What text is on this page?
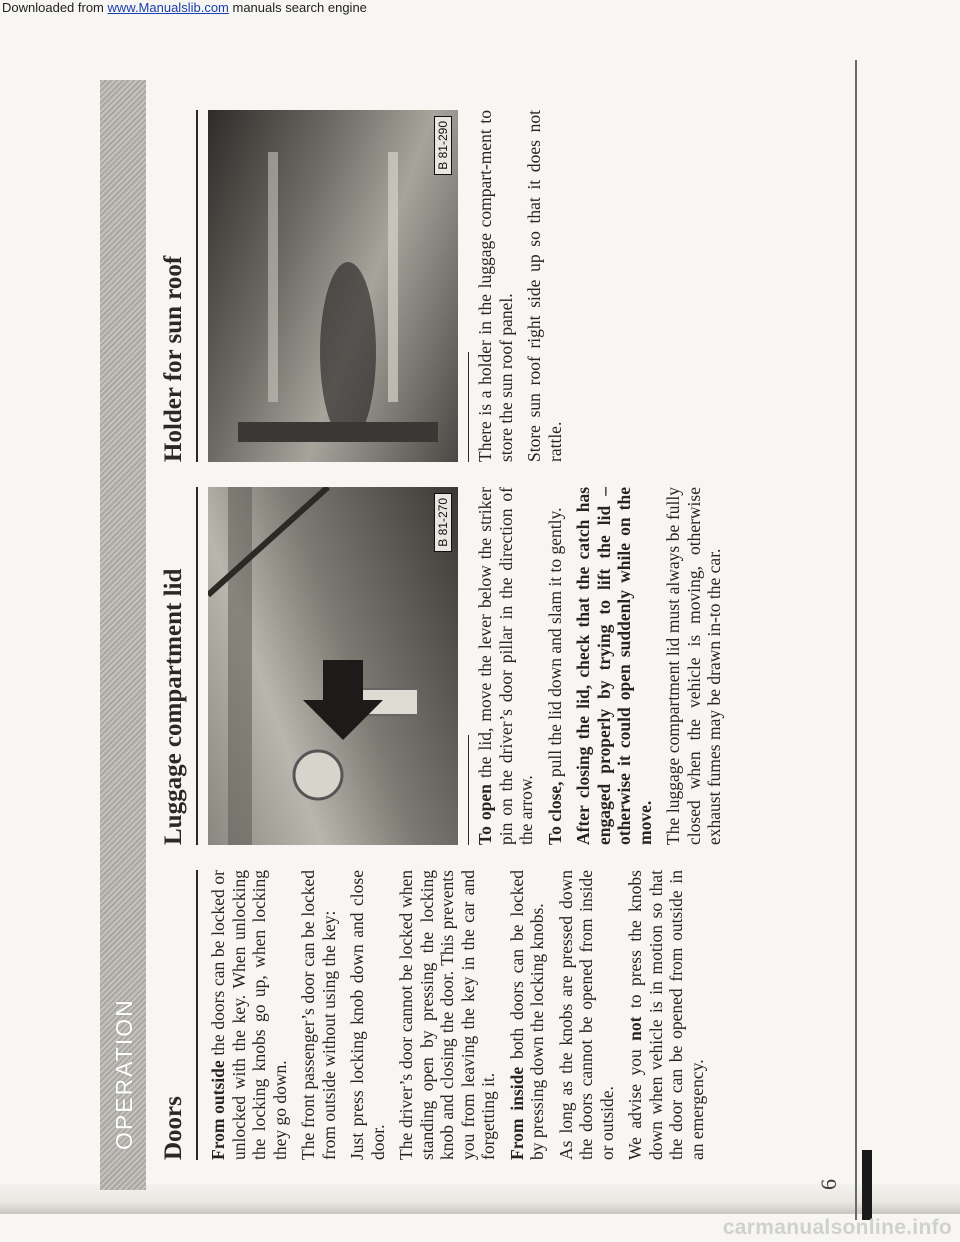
Downloaded from www.Manualslib.com manuals search engine
OPERATION Doors From outside the doors can be locked or unlocked with the key. When unlocking the locking knobs go up, when locking they go down. The front passenger’s door can be locked from outside without using the key: Just press locking knob down and close door. The driver’s door cannot be locked when standing open by pressing the locking knob and closing the door. This prevents you from leaving the key in the car and forgetting it. From inside both doors can be locked by pressing down the locking knobs. As long as the knobs are pressed down the doors cannot be opened from inside or outside. We advise you not to press the knobs down when vehicle is in motion so that the door can be opened from outside in an emergency.

Luggage compartment lid
B 81-270

To open the lid, move the lever below the striker pin on the driver’s door pillar in the direction of the arrow. To close, pull the lid down and slam it to gently. After closing the lid, check that the catch has engaged properly by trying to lift the lid – otherwise it could open suddenly while on the move. The luggage compartment lid must always be fully closed when the vehicle is moving, otherwise exhaust fumes may be drawn in-to the car.

Holder for sun roof
B 81-290 There is a holder in the luggage compart-ment to store the sun roof panel. Store sun roof right side up so that it does not rattle.

6
carmanualsonline.info
